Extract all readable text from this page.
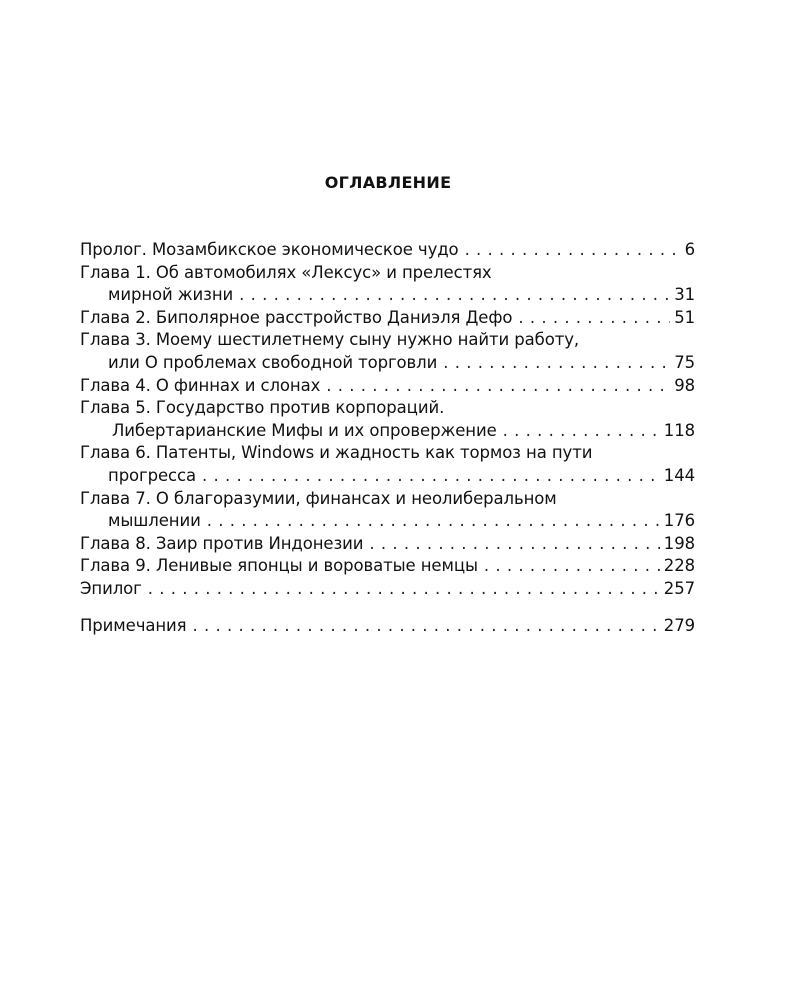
ОГЛАВЛЕНИЕ
Пролог. Мозамбикское экономическое чудо . . .	6
Глава 1. Об автомобилях «Лексус» и прелестях
мирной жизни . . .	31
Глава 2. Биполярное расстройство Даниэля Дефо . . .	51
Глава 3. Моему шестилетнему сыну нужно найти работу,
или О проблемах свободной торговли . . .	75
Глава 4. О финнах и слонах . . .	98
Глава 5. Государство против корпораций.
Либертарианские Мифы и их опровержение . . .	118
Глава 6. Патенты, Windows и жадность как тормоз на пути
прогресса . . .	144
Глава 7. О благоразумии, финансах и неолиберальном
мышлении . . .	176
Глава 8. Заир против Индонезии . . .	198
Глава 9. Ленивые японцы и вороватые немцы . . .	228
Эпилог . . .	257
Примечания . . .	279
